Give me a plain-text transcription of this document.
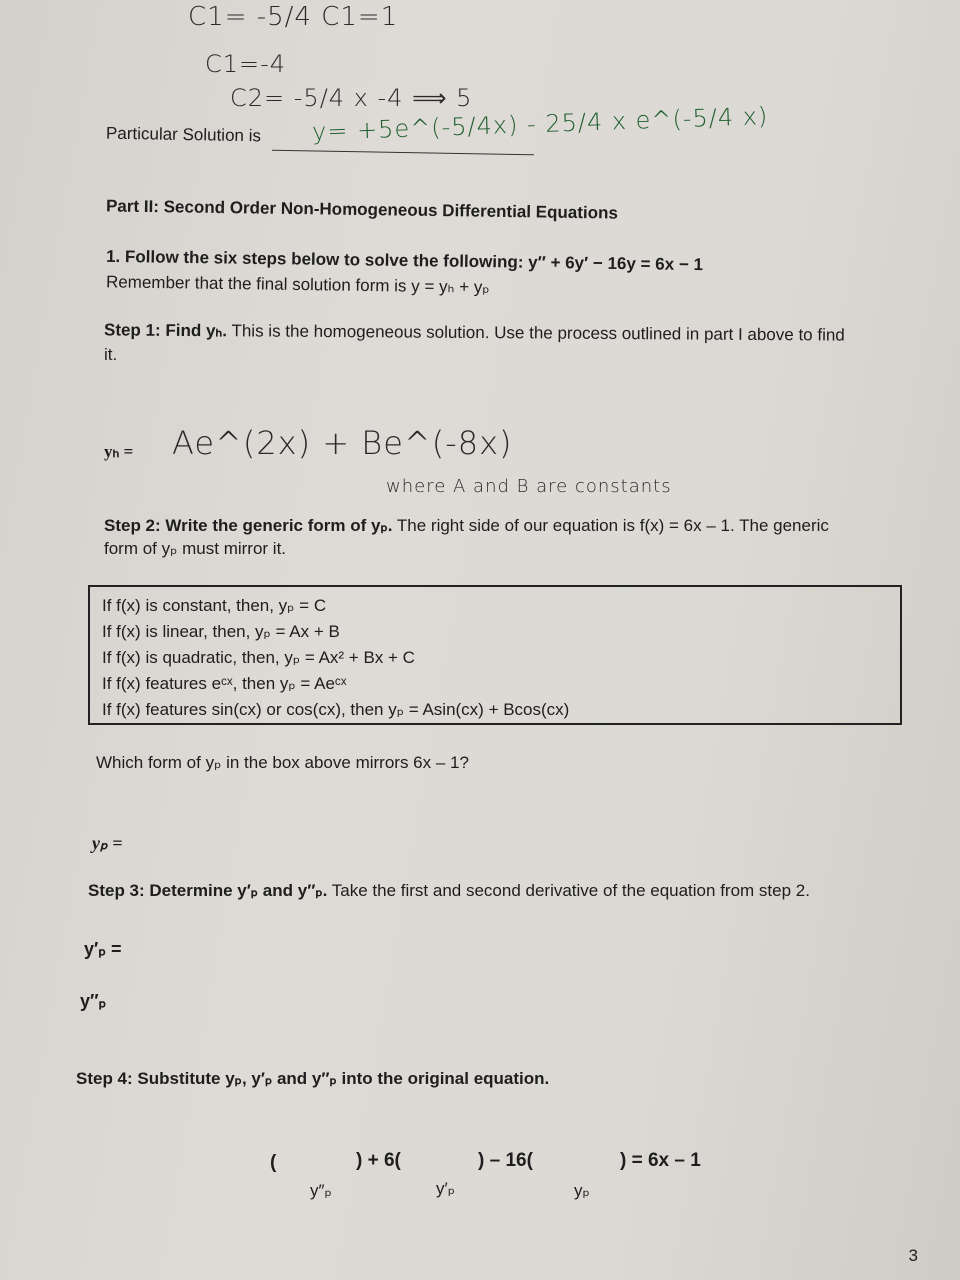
C1= -5/4 C1=1
C1=-4
C2= -5/4 x -4 ⟹ 5
Particular Solution is y= +5e^(-5/4x) - 25/4 x e^(-5/4 x)
Part II: Second Order Non-Homogeneous Differential Equations
1. Follow the six steps below to solve the following: y″ + 6y′ − 16y = 6x − 1
Remember that the final solution form is y = yₕ + yₚ
Step 1: Find yₕ. This is the homogeneous solution. Use the process outlined in part I above to find
it.
yₕ = Ae^(2x) + Be^(-8x)
where A and B are constants
Step 2: Write the generic form of yₚ. The right side of our equation is f(x) = 6x – 1. The generic
form of yₚ must mirror it.
If f(x) is constant, then, yₚ = C
If f(x) is linear, then, yₚ = Ax + B
If f(x) is quadratic, then, yₚ = Ax² + Bx + C
If f(x) features eᶜˣ, then yₚ = Aeᶜˣ
If f(x) features sin(cx) or cos(cx), then yₚ = Asin(cx) + Bcos(cx)
Which form of yₚ in the box above mirrors 6x – 1?
yₚ =
Step 3: Determine y′ₚ and y″ₚ. Take the first and second derivative of the equation from step 2.
y′ₚ =
y″ₚ
Step 4: Substitute yₚ, y′ₚ and y″ₚ into the original equation.
(	) + 6(	) – 16(	) = 6x – 1
y″ₚ	y′ₚ	yₚ
3
